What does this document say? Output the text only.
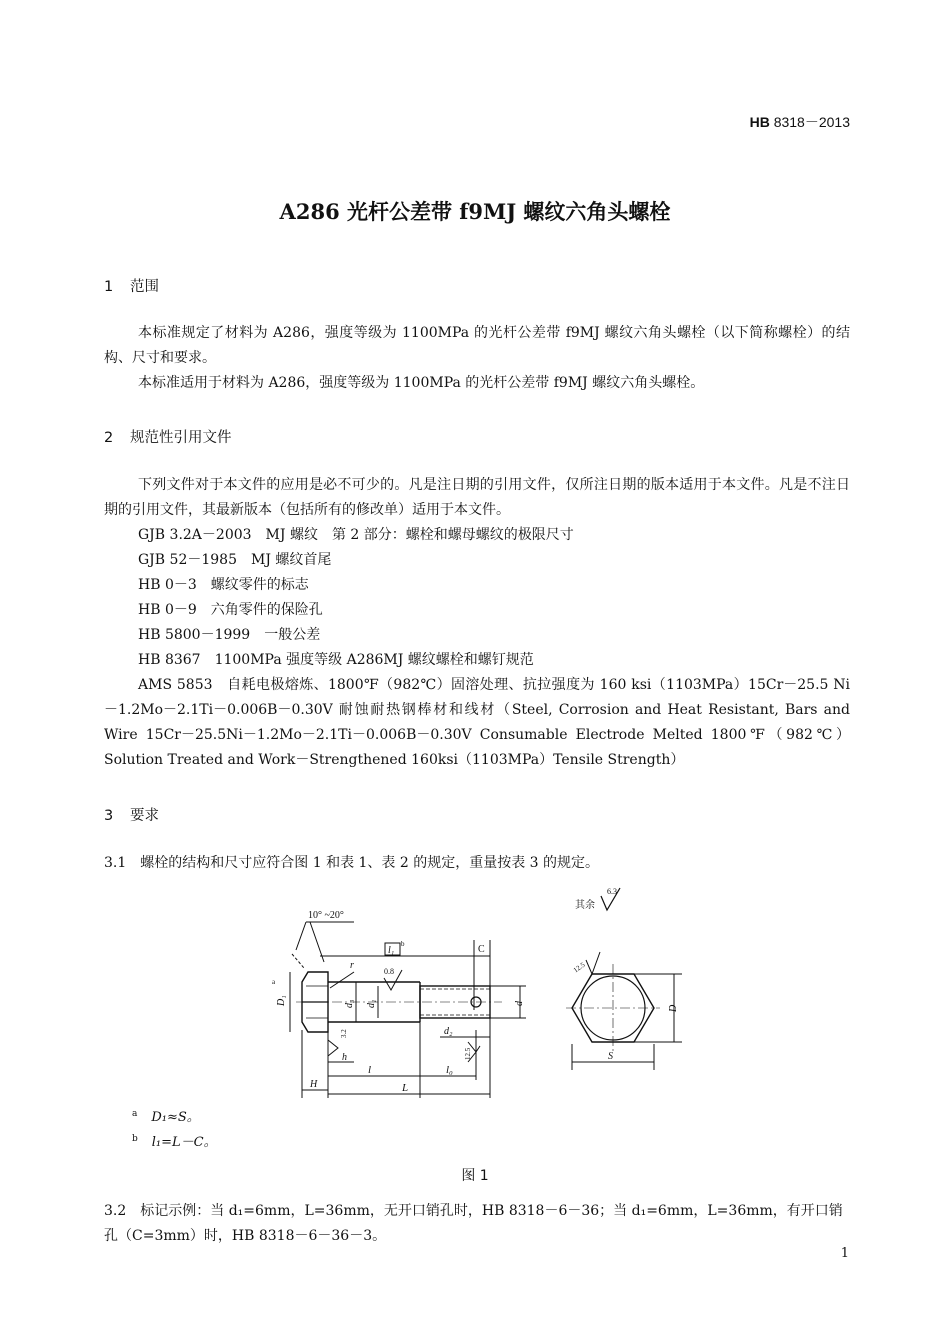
HB 8318－2013
A286 光杆公差带 f9MJ 螺纹六角头螺栓
1 范围

本标准规定了材料为 A286，强度等级为 1100MPa 的光杆公差带 f9MJ 螺纹六角头螺栓（以下简称螺栓）的结构、尺寸和要求。

本标准适用于材料为 A286，强度等级为 1100MPa 的光杆公差带 f9MJ 螺纹六角头螺栓。

2 规范性引用文件

下列文件对于本文件的应用是必不可少的。凡是注日期的引用文件，仅所注日期的版本适用于本文件。凡是不注日期的引用文件，其最新版本（包括所有的修改单）适用于本文件。

GJB 3.2A－2003 MJ 螺纹　第 2 部分：螺栓和螺母螺纹的极限尺寸
GJB 52－1985 MJ 螺纹首尾
HB 0－3 螺纹零件的标志
HB 0－9 六角零件的保险孔
HB 5800－1999 一般公差
HB 8367 1100MPa 强度等级 A286MJ 螺纹螺栓和螺钉规范

AMS 5853　自耗电极熔炼、1800℉（982℃）固溶处理、抗拉强度为 160 ksi（1103MPa）15Cr－25.5 Ni－1.2Mo－2.1Ti－0.006B－0.30V 耐蚀耐热钢棒材和线材（Steel, Corrosion and Heat Resistant, Bars and Wire 15Cr－25.5Ni－1.2Mo－2.1Ti－0.006B－0.30V Consumable Electrode Melted 1800℉（982℃）Solution Treated and Work－Strengthened 160ksi（1103MPa）Tensile Strength）

3 要求
3.1　螺栓的结构和尺寸应符合图 1 和表 1、表 2 的规定，重量按表 3 的规定。
其余
6.3
10° ~20°
l₁
b	C
r
0.8
D₁
a
d₃ d₁	d
d₂
12.5
3.2
h
H
l	l₀
L
12.5
D
S
$^a$ D₁≈S。
$^b$ l₁=L－C。
图 1
3.2　标记示例：当 d₁=6mm，L=36mm，无开口销孔时，HB 8318－6－36；当 d₁=6mm，L=36mm，有开口销孔（C=3mm）时，HB 8318－6－36－3。
1
